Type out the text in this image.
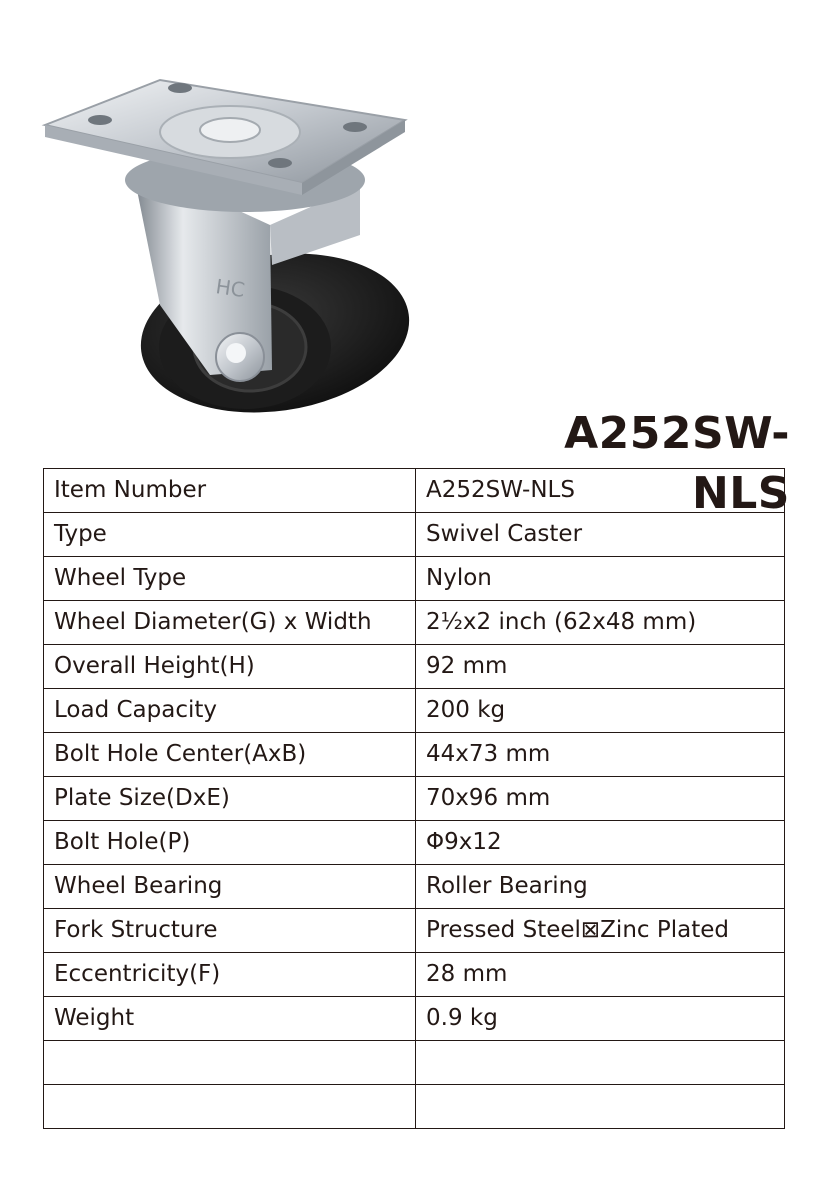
HC
A252SW-NLS
Item Number	A252SW-NLS
Type	Swivel Caster
Wheel Type	Nylon
Wheel Diameter(G) x Width	2½x2 inch (62x48 mm)
Overall Height(H)	92 mm
Load Capacity	200 kg
Bolt Hole Center(AxB)	44x73 mm
Plate Size(DxE)	70x96 mm
Bolt Hole(P)	Φ9x12
Wheel Bearing	Roller Bearing
Fork Structure	Pressed Steel⊠Zinc Plated
Eccentricity(F)	28 mm
Weight	0.9 kg
